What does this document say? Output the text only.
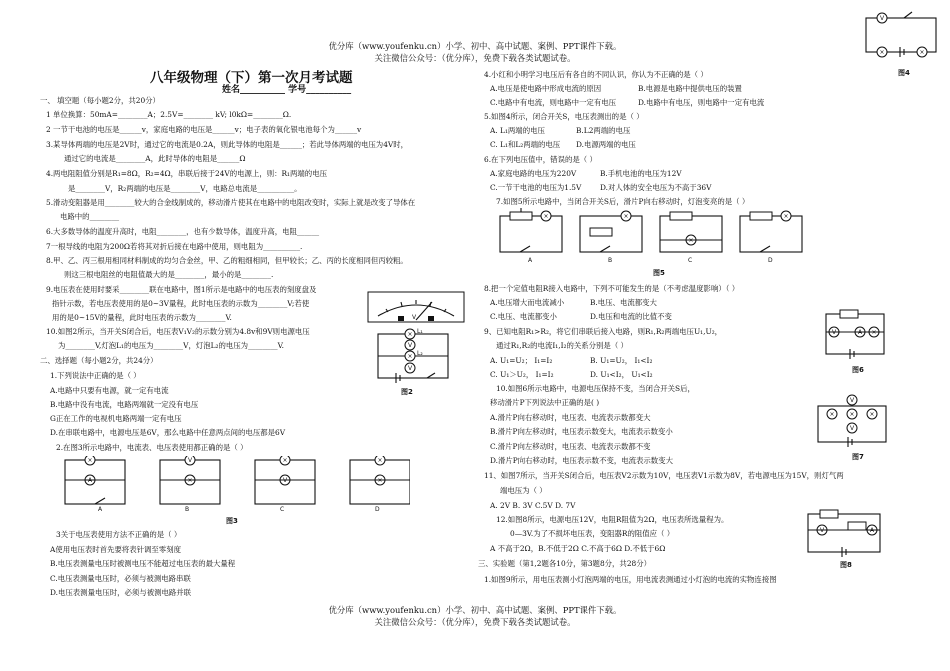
优分库（www.youfenku.cn）小学、初中、高中试题、案例、PPT课件下载。
关注微信公众号：（优分库），免费下载各类试题试卷。
八年级物理（下）第一次月考试题
姓名__________ 学号__________
一、 填空题（每小题2分，共20分）
1 单位换算：50mA=________A；2.5V=________ kV; l0kΩ=________Ω.
2 一节干电池的电压是______v，家庭电路的电压是______v；电子表的氧化银电池每个为______v
3.某导体两端的电压是2V时，通过它的电流是0.2A，则此导体的电阻是______；若此导体两端的电压为4V时，
通过它的电流是________A，此时导体的电阻是______Ω
4.两电阻阻值分别是R₁=8Ω，R₂=4Ω，串联后接于24V的电源上，则：R₁两端的电压
是________V，R₂两端的电压是________V，电路总电流是__________。
5.滑动变阻器是用________较大的合金线制成的，移动滑片使其在电路中的电阻改变时，实际上就是改变了导体在
电路中的________
6.大多数导体的温度升高时，电阻________，也有少数导体，温度升高，电阻______
7一根导线的电阻为200Ω若将其对折后接在电路中使用，则电阻为__________.
8.甲、乙、丙三根用相同材料制成的均匀合金丝，甲、乙的粗细相同，但甲较长；乙、丙的长度相同但丙较粗。
则这三根电阻丝的电阻值最大的是________，最小的是________.
9.电压表在使用时要采________联在电路中，图1所示是电路中的电压表的刻度盘及
指针示数，若电压表使用的是0~3V量程，此时电压表的示数为________V;若使
用的是0~15V的量程，此时电压表的示数为________V.
10.如图2所示，当开关S闭合后，电压表V₁V₂的示数分别为4.8v和9V则电源电压
为________V,灯泡L₁的电压为________V，灯泡L₂的电压为________V.
二、选择题（每小题2分，共24分）
1.下列说法中正确的是（ ）
A.电路中只要有电源，就一定有电流
B.电路中没有电流，电路两端就一定没有电压
G正在工作的电视机电路两端一定有电压
D.在串联电路中，电源电压是6V，那么电路中任意两点间的电压都是6V
2.在图3所示电路中，电流表、电压表使用都正确的是（ ）
3关于电压表使用方法不正确的是（ ）
A使用电压表时首先要将表针调至零刻度
B.电压表测量电压时被测电压不能超过电压表的最大量程
C.电压表测量电压时，必须与被测电路串联
D.电压表测量电压时，必须与被测电路并联
V
×
V
×
V
L₁
L₂
图2
×
A
A
V
×
B
×
V
C
×
×
D
图3
4.小红和小明学习电压后有各自的不同认识，你认为不正确的是（ ）
A.电压是使电路中形成电流的原因	B.电源是电路中提供电压的装置
C.电路中有电流，则电路中一定有电压	D.电路中有电压，则电路中一定有电流
5.如图4所示，闭合开关S，电压表测出的是（ ）
A. L₁两端的电压	B.L2两端的电压
C. L₁和L₂两端的电压 D.电源两端的电压
6.在下列电压值中，错误的是（ ）
A.家庭电路的电压为220V	B.手机电池的电压为12V
C.一节干电池的电压为1.5V	D.对人体的安全电压为不高于36V
7.如图5所示电路中，当闭合开关S后，滑片P向右移动时，灯泡变亮的是（ ）
×
A
×
B
×
C
×
D
图5
8.把一个定值电阻R接入电路中，下列不可能发生的是（不考虑温度影响）（ ）
A.电压增大而电流减小	B.电压、电流都变大
C.电压、电流都变小	D.电压和电流的比值不变
9、已知电阻R₁>R₂，将它们串联后接入电路，则R₁,R₂两端电压U₁,U₂，
通过R₁,R₂的电流I₁,I₂的关系分别是（ ）
A. U₁=U₂； I₁=I₂	B. U₁=U₂， I₁<I₂
C. U₁＞U₂， I₁=I₂	D. U₁<I₂， U₁<I₂
10.如图6所示电路中，电源电压保持不变，当闭合开关S后，
移动滑片P下列说法中正确的是( )
A.滑片P向右移动时，电压表、电流表示数都变大
B.滑片P向左移动时，电压表示数变大，电流表示数变小
C.滑片P向左移动时，电压表、电流表示数都不变
D.滑片P向右移动时，电压表示数不变，电流表示数变大
11、如图7所示，当开关S闭合后，电压表V2示数为10V，电压表V1示数为8V，若电源电压为15V，则灯气两
端电压为（ ）
A. 2V B. 3V C.5V D. 7V
12.如图8所示，电源电压12V，电阻R阻值为2Ω，电压表所选量程为。
0—3V.为了不损坏电压表，变阻器R的阻值应（ ）
A 不高于2Ω，B.不低于2Ω C.不高于6Ω D.不低于6Ω
三、实验题（第1,2题各10分，第3题8分，共28分）
1.如图9所示，用电压表测小灯泡两端的电压，用电流表测通过小灯泡的电流的实物连接图
V
×	×
图4
V	A ×
图6
V
× × ×
V
图7
V	A
图8
优分库（www.youfenku.cn）小学、初中、高中试题、案例、PPT课件下载。
关注微信公众号：（优分库），免费下载各类试题试卷。
